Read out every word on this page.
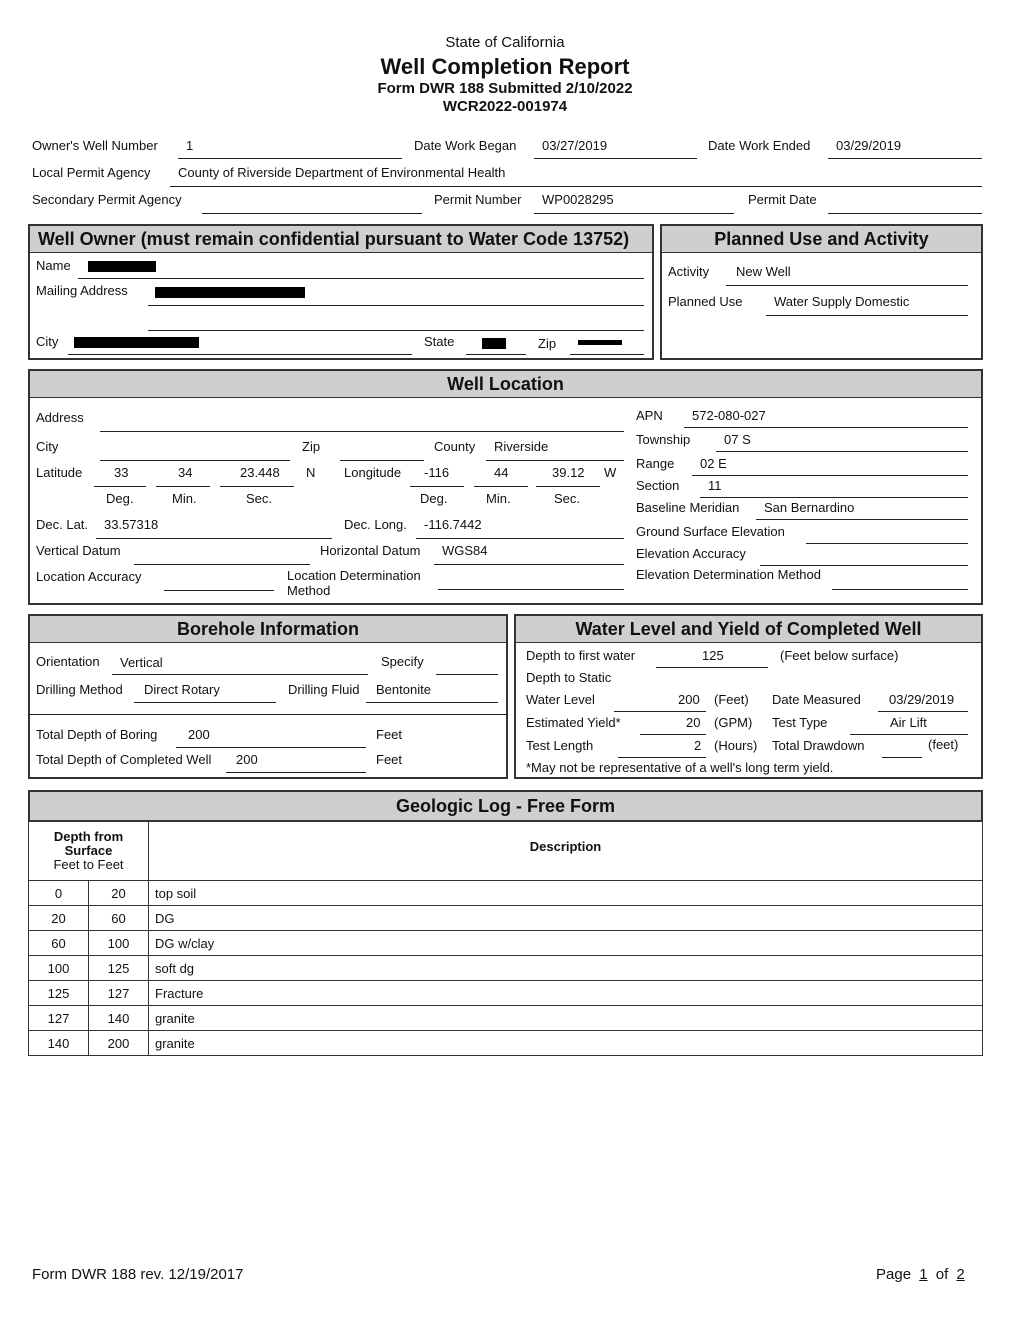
State of California
Well Completion Report
Form DWR 188 Submitted 2/10/2022
WCR2022-001974
Owner's Well Number 1	Date Work Began 03/27/2019	Date Work Ended 03/29/2019
Local Permit Agency County of Riverside Department of Environmental Health
Secondary Permit Agency	Permit Number WP0028295	Permit Date
Well Owner (must remain confidential pursuant to Water Code 13752)
Name
Mailing Address
City	State	Zip
Planned Use and Activity
Activity New Well
Planned Use Water Supply Domestic
Well Location
Address
City	Zip	County Riverside
Latitude 33	34	23.448 N Longitude -116	44	39.12 W
Deg.	Min.	Sec.	Deg.	Min.	Sec.
Dec. Lat. 33.57318	Dec. Long. -116.7442
Vertical Datum	Horizontal Datum WGS84
Location Accuracy	Location Determination
Method
APN 572-080-027
Township	07 S
Range 02 E
Section 11
Baseline Meridian San Bernardino
Ground Surface Elevation
Elevation Accuracy
Elevation Determination Method
Borehole Information
Orientation Vertical	Specify
Drilling Method Direct Rotary	Drilling Fluid Bentonite
Total Depth of Boring 200	Feet
Total Depth of Completed Well 200	Feet
Water Level and Yield of Completed Well
Depth to first water	125	(Feet below surface)
Depth to Static
Water Level	200 (Feet) Date Measured 03/29/2019
Estimated Yield*	20 (GPM) Test Type	Air Lift
Test Length	2 (Hours) Total Drawdown	(feet)
*May not be representative of a well's long term yield.
Geologic Log - Free Form
Depth from
Surface
Feet to Feet		Description
0	20	top soil
20	60	DG
60	100	DG w/clay
100	125	soft dg
125	127	Fracture
127	140	granite
140	200	granite
Form DWR 188 rev. 12/19/2017	Page 1 of 2
